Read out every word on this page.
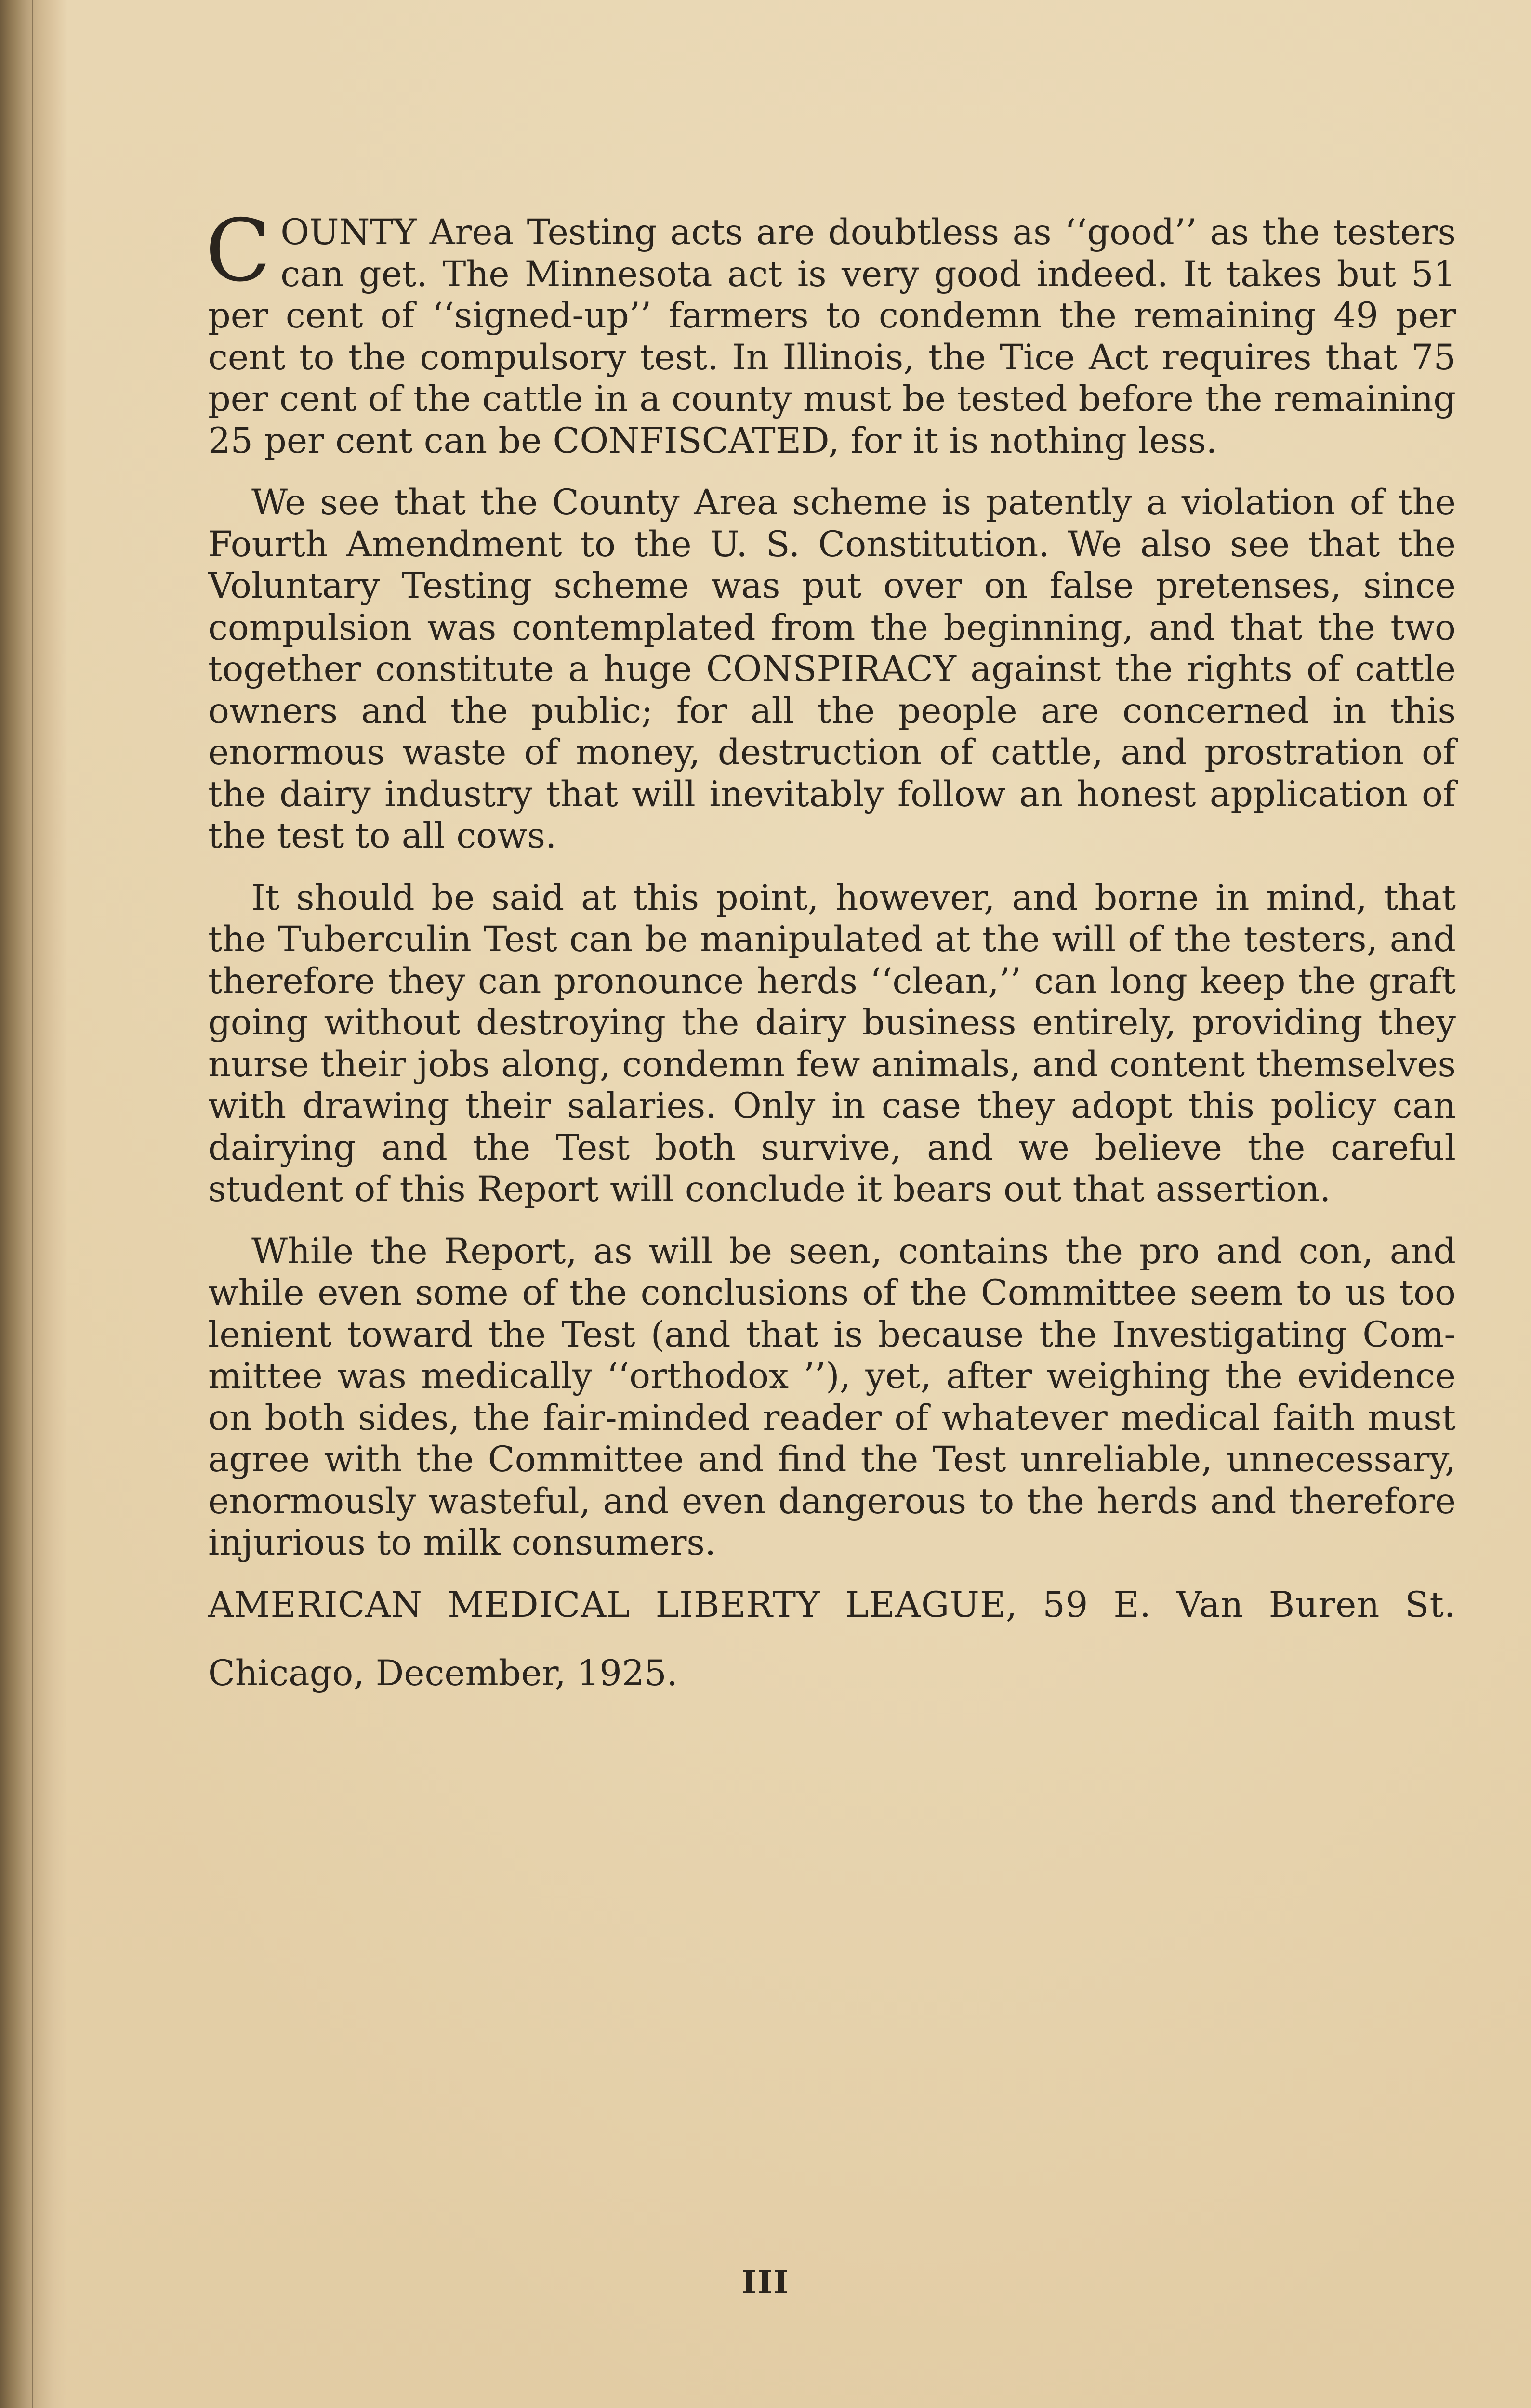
COUNTY Area Testing acts are doubtless as ‘‘good’’ as the testers can get. The Minnesota act is very good indeed. It takes but 51 per cent of ‘‘signed-up’’ farmers to condemn the remaining 49 per cent to the compulsory test. In Illinois, the Tice Act requires that 75 per cent of the cattle in a county must be tested before the remaining 25 per cent can be CONFISCATED, for it is nothing less.

We see that the County Area scheme is patently a violation of the Fourth Amendment to the U. S. Constitution. We also see that the Voluntary Testing scheme was put over on false pretenses, since compulsion was contemplated from the beginning, and that the two together constitute a huge CONSPIRACY against the rights of cattle owners and the public; for all the people are concerned in this enormous waste of money, destruction of cattle, and prostration of the dairy industry that will inevitably follow an honest application of the test to all cows.

It should be said at this point, however, and borne in mind, that the Tuberculin Test can be manipulated at the will of the testers, and therefore they can pronounce herds ‘‘clean,’’ can long keep the graft going without destroying the dairy business entirely, providing they nurse their jobs along, condemn few animals, and content themselves with drawing their salaries. Only in case they adopt this policy can dairying and the Test both survive, and we believe the careful student of this Report will conclude it bears out that assertion.

While the Report, as will be seen, contains the pro and con, and while even some of the conclusions of the Committee seem to us too lenient toward the Test (and that is because the Investigating Committee was medically ‘‘orthodox ’’), yet, after weighing the evidence on both sides, the fair-minded reader of whatever medical faith must agree with the Committee and find the Test unreliable, unnecessary, enormously wasteful, and even dangerous to the herds and therefore injurious to milk consumers.

AMERICAN MEDICAL LIBERTY LEAGUE, 59 E. Van Buren St.

Chicago, December, 1925.

III
